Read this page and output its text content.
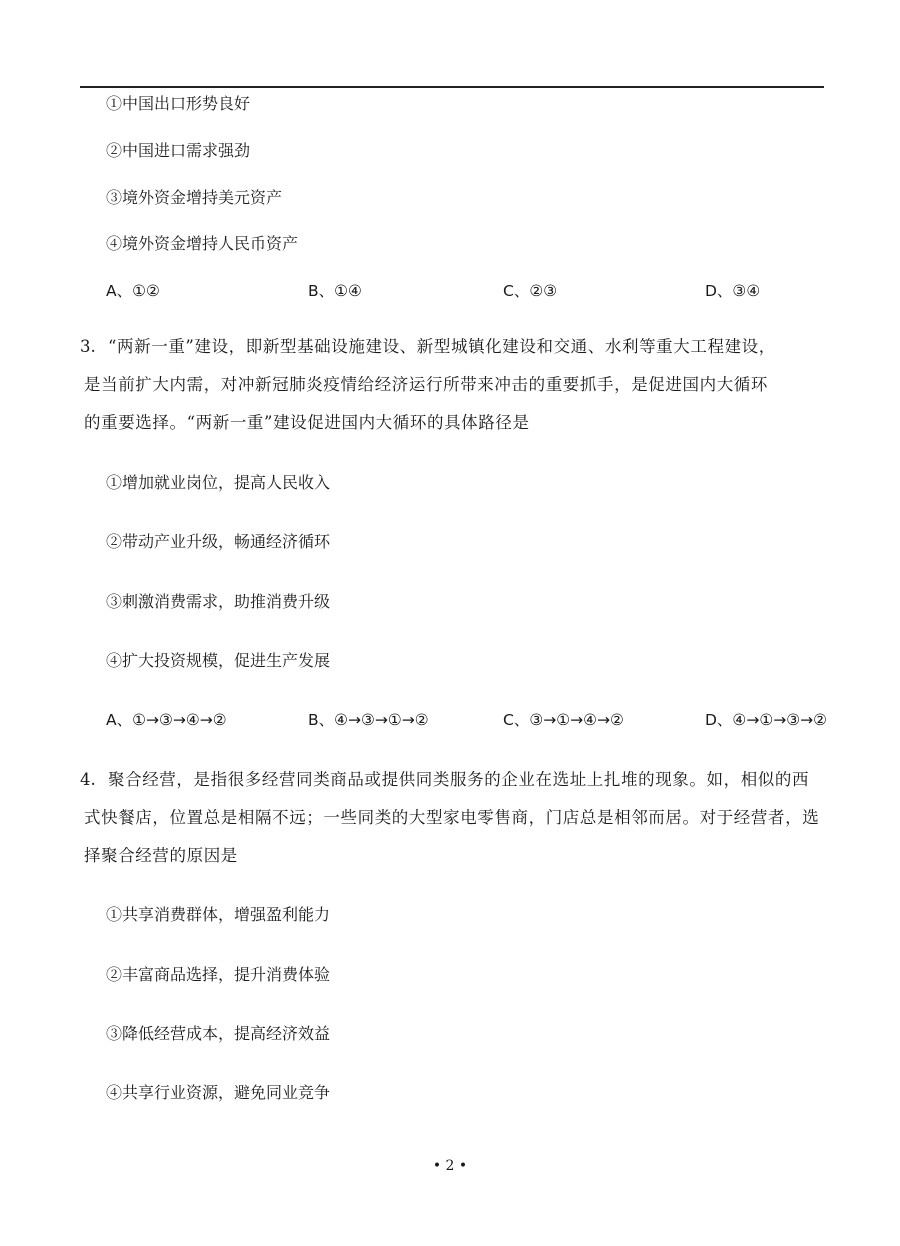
①中国出口形势良好
②中国进口需求强劲
③境外资金增持美元资产
④境外资金增持人民币资产
A、①②	B、①④	C、②③	D、③④
3. “两新一重”建设，即新型基础设施建设、新型城镇化建设和交通、水利等重大工程建设，
是当前扩大内需，对冲新冠肺炎疫情给经济运行所带来冲击的重要抓手，是促进国内大循环
的重要选择。“两新一重”建设促进国内大循环的具体路径是
①增加就业岗位，提高人民收入
②带动产业升级，畅通经济循环
③刺激消费需求，助推消费升级
④扩大投资规模，促进生产发展
A、①→③→④→②	B、④→③→①→②	C、③→①→④→②	D、④→①→③→②
4. 聚合经营，是指很多经营同类商品或提供同类服务的企业在选址上扎堆的现象。如，相似的西
式快餐店，位置总是相隔不远；一些同类的大型家电零售商，门店总是相邻而居。对于经营者，选
择聚合经营的原因是
①共享消费群体，增强盈利能力
②丰富商品选择，提升消费体验
③降低经营成本，提高经济效益
④共享行业资源，避免同业竞争
• 2 •
